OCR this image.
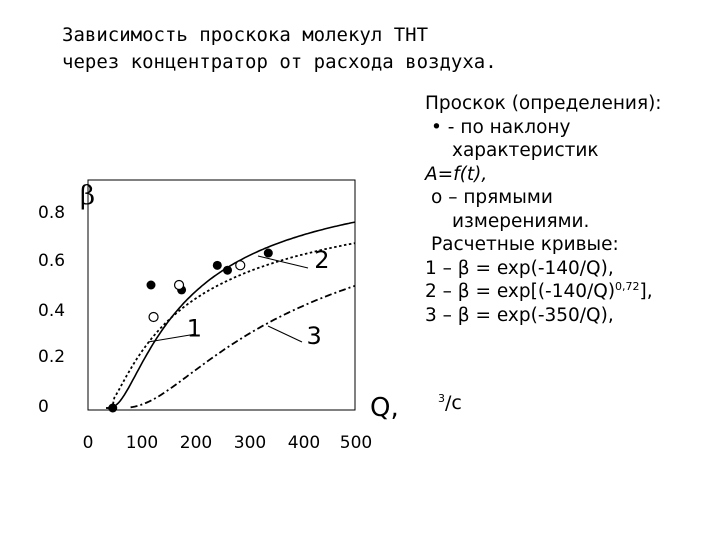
Зависимость проскока молекул ТНТ
через концентратор от расхода воздуха.
0 100 200 300 400 500
0
0.2
0.4
0.6
0.8
1
2
3
β
Q,
Проскок (определения):
• - по наклону
характеристик
A=f(t),
o – прямыми
измерениями.
Расчетные кривые:
1 – β = exp(-140/Q),
$2 - \beta = \exp[(-140/Q)^{0,72}]$,
3 – β = exp(-350/Q),
$^3$/c
